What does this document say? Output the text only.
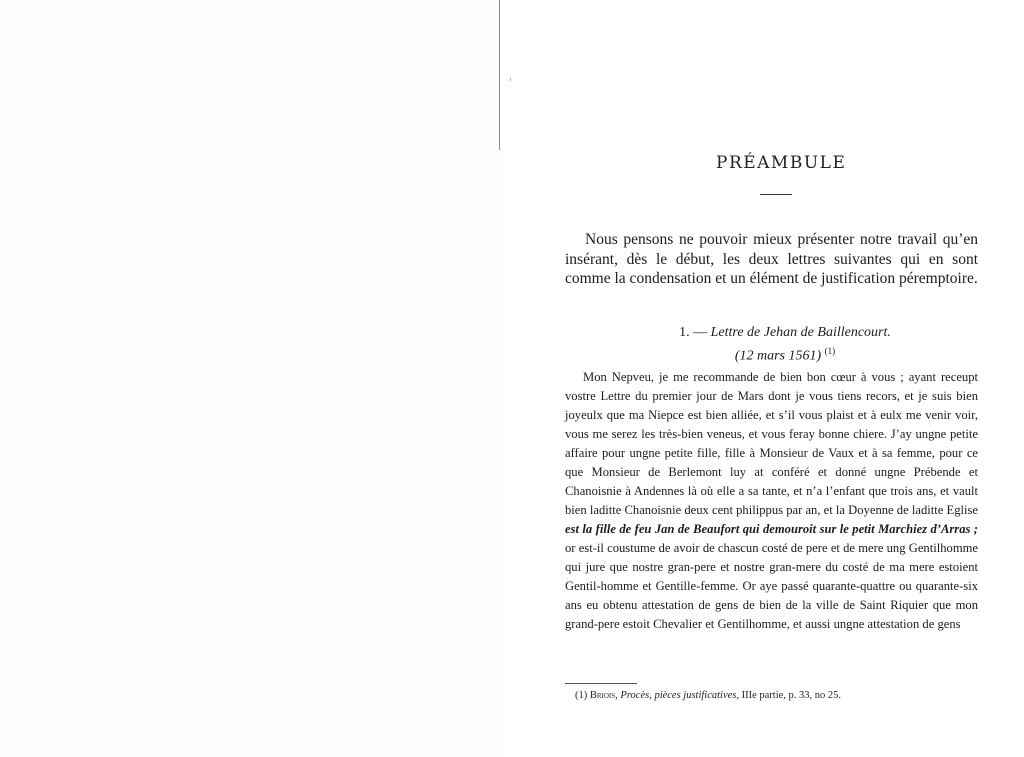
PRÉAMBULE

Nous pensons ne pouvoir mieux présenter notre travail qu’en insérant, dès le début, les deux lettres suivantes qui en sont comme la condensation et un élément de justification péremptoire.

1. — Lettre de Jehan de Baillencourt.
(12 mars 1561) $^{(1)}$

Mon Nepveu, je me recommande de bien bon cœur à vous ; ayant receupt vostre Lettre du premier jour de Mars dont je vous tiens recors, et je suis bien joyeulx que ma Niepce est bien alliée, et s’il vous plaist et à eulx me venir voir, vous me serez les très-bien veneus, et vous feray bonne chiere. J’ay ungne petite affaire pour ungne petite fille, fille à Monsieur de Vaux et à sa femme, pour ce que Monsieur de Berlemont luy at conféré et donné ungne Prébende et Chanoisnie à Andennes là où elle a sa tante, et n’a l’enfant que trois ans, et vault bien laditte Chanoisnie deux cent philippus par an, et la Doyenne de laditte Eglise est la fille de feu Jan de Beaufort qui demouroit sur le petit Marchiez d’Arras ; or est-il coustume de avoir de chascun costé de pere et de mere ung Gentilhomme qui jure que nostre gran-pere et nostre gran-mere du costé de ma mere estoient Gentil-homme et Gentille-femme. Or aye passé quarante-quattre ou quarante-six ans eu obtenu attestation de gens de bien de la ville de Saint Riquier que mon grand-pere estoit Chevalier et Gentilhomme, et aussi ungne attestation de gens

(1) Briois, Procès, pièces justificatives, IIIe partie, p. 33, no 25.
